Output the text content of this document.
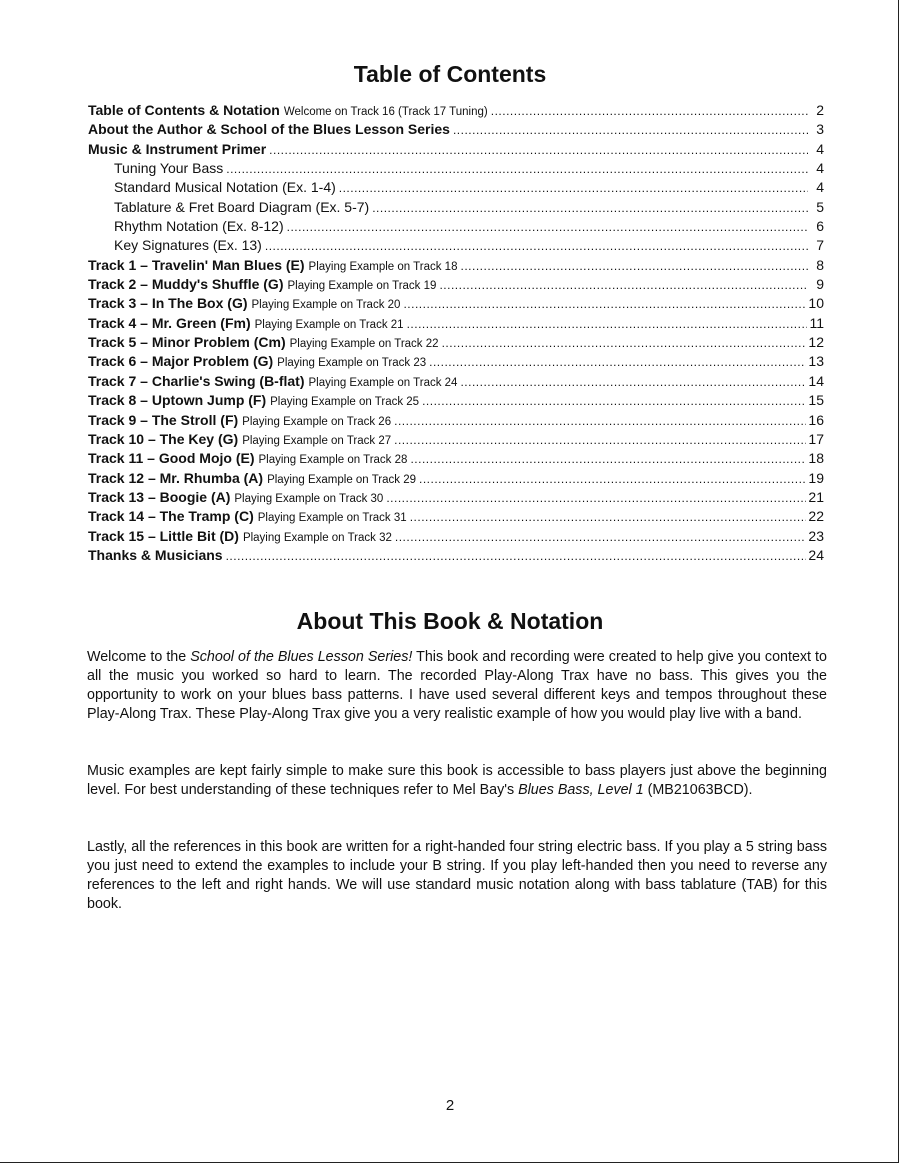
Table of Contents
Table of Contents & Notation Welcome on Track 16 (Track 17 Tuning) .....	2
About the Author & School of the Blues Lesson Series .....	3
Music & Instrument Primer .....	4
Tuning Your Bass .....	4
Standard Musical Notation (Ex. 1-4) .....	4
Tablature & Fret Board Diagram (Ex. 5-7) .....	5
Rhythm Notation (Ex. 8-12) .....	6
Key Signatures (Ex. 13) .....	7
Track 1 – Travelin' Man Blues (E) Playing Example on Track 18 .....	8
Track 2 – Muddy's Shuffle (G) Playing Example on Track 19 .....	9
Track 3 – In The Box (G) Playing Example on Track 20 .....	10
Track 4 – Mr. Green (Fm) Playing Example on Track 21 .....	11
Track 5 – Minor Problem (Cm) Playing Example on Track 22 .....	12
Track 6 – Major Problem (G) Playing Example on Track 23 .....	13
Track 7 – Charlie's Swing (B-flat) Playing Example on Track 24 .....	14
Track 8 – Uptown Jump (F) Playing Example on Track 25 .....	15
Track 9 – The Stroll (F) Playing Example on Track 26 .....	16
Track 10 – The Key (G) Playing Example on Track 27 .....	17
Track 11 – Good Mojo (E) Playing Example on Track 28 .....	18
Track 12 – Mr. Rhumba (A) Playing Example on Track 29 .....	19
Track 13 – Boogie (A) Playing Example on Track 30 .....	21
Track 14 – The Tramp (C) Playing Example on Track 31 .....	22
Track 15 – Little Bit (D) Playing Example on Track 32 .....	23
Thanks & Musicians .....	24
About This Book & Notation
Welcome to the School of the Blues Lesson Series! This book and recording were created to help give you context to all the music you worked so hard to learn. The recorded Play-Along Trax have no bass. This gives you the opportunity to work on your blues bass patterns. I have used several different keys and tempos throughout these Play-Along Trax. These Play-Along Trax give you a very realistic example of how you would play live with a band.
Music examples are kept fairly simple to make sure this book is accessible to bass players just above the beginning level. For best understanding of these techniques refer to Mel Bay's Blues Bass, Level 1 (MB21063BCD).
Lastly, all the references in this book are written for a right-handed four string electric bass. If you play a 5 string bass you just need to extend the examples to include your B string. If you play left-handed then you need to reverse any references to the left and right hands. We will use standard music notation along with bass tablature (TAB) for this book.
2
